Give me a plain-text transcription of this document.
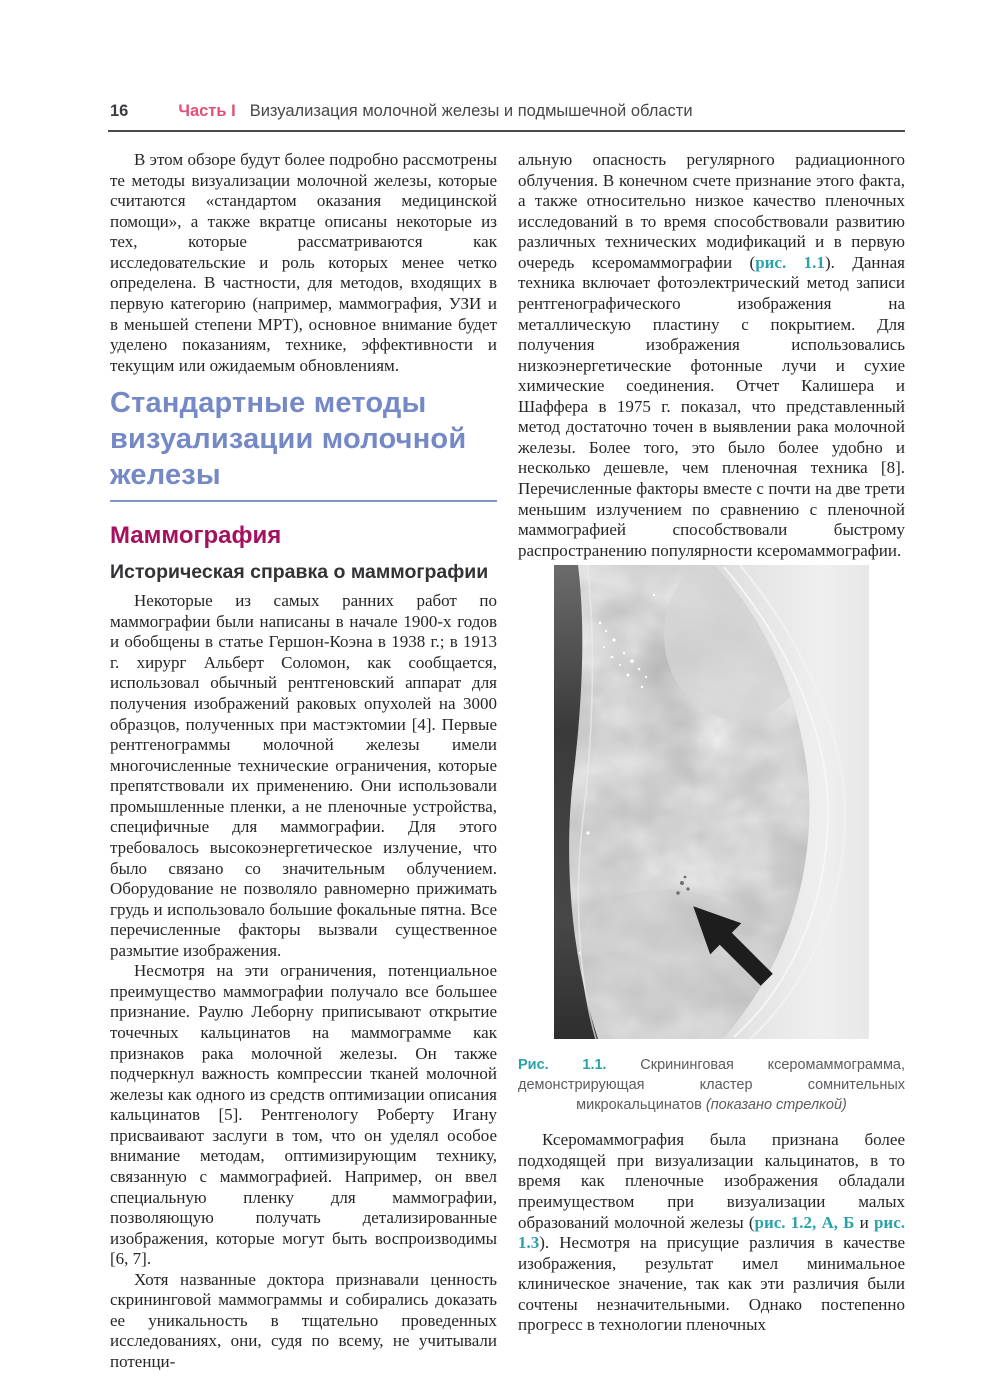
16	Часть I Визуализация молочной железы и подмышечной области

В этом обзоре будут более подробно рассмотрены те методы визуализации молочной железы, которые считаются «стандартом оказания медицинской помощи», а также вкратце описаны некоторые из тех, которые рассматриваются как исследовательские и роль которых менее четко определена. В частности, для методов, входящих в первую категорию (например, маммография, УЗИ и в меньшей степени МРТ), основное внимание будет уделено показаниям, технике, эффективности и текущим или ожидаемым обновлениям.

Стандартные методы визуализации молочной железы
Маммография
Историческая справка о маммографии

Некоторые из самых ранних работ по маммографии были написаны в начале 1900-х годов и обобщены в статье Гершон-Коэна в 1938 г.; в 1913 г. хирург Альберт Соломон, как сообщается, использовал обычный рентгеновский аппарат для получения изображений раковых опухолей на 3000 образцов, полученных при мастэктомии [4]. Первые рентгенограммы молочной железы имели многочисленные технические ограничения, которые препятствовали их применению. Они использовали промышленные пленки, а не пленочные устройства, специфичные для маммографии. Для этого требовалось высокоэнергетическое излучение, что было связано со значительным облучением. Оборудование не позволяло равномерно прижимать грудь и использовало большие фокальные пятна. Все перечисленные факторы вызвали существенное размытие изображения.

Несмотря на эти ограничения, потенциальное преимущество маммографии получало все большее признание. Раулю Леборну приписывают открытие точечных кальцинатов на маммограмме как признаков рака молочной железы. Он также подчеркнул важность компрессии тканей молочной железы как одного из средств оптимизации описания кальцинатов [5]. Рентгенологу Роберту Игану присваивают заслуги в том, что он уделял особое внимание методам, оптимизирующим технику, связанную с маммографией. Например, он ввел специальную пленку для маммографии, позволяющую получать детализированные изображения, которые могут быть воспроизводимы [6, 7].

Хотя названные доктора признавали ценность скрининговой маммограммы и собирались доказать ее уникальность в тщательно проведенных исследованиях, они, судя по всему, не учитывали потенци-

альную опасность регулярного радиационного облучения. В конечном счете признание этого факта, а также относительно низкое качество пленочных исследований в то время способствовали развитию различных технических модификаций и в первую очередь ксеромаммографии (рис. 1.1). Данная техника включает фотоэлектрический метод записи рентгенографического изображения на металлическую пластину с покрытием. Для получения изображения использовались низкоэнергетические фотонные лучи и сухие химические соединения. Отчет Калишера и Шаффера в 1975 г. показал, что представленный метод достаточно точен в выявлении рака молочной железы. Более того, это было более удобно и несколько дешевле, чем пленочная техника [8]. Перечисленные факторы вместе с почти на две трети меньшим излучением по сравнению с пленочной маммографией способствовали быстрому распространению популярности ксеромаммографии.

Рис. 1.1. Скрининговая ксеромаммограмма, демонстрирующая кластер сомнительных микрокальцинатов (показано стрелкой)

Ксеромаммография была признана более подходящей при визуализации кальцинатов, в то время как пленочные изображения обладали преимуществом при визуализации малых образований молочной железы (рис. 1.2, А, Б и рис. 1.3). Несмотря на присущие различия в качестве изображения, результат имел минимальное клиническое значение, так как эти различия были сочтены незначительными. Однако постепенно прогресс в технологии пленочных
